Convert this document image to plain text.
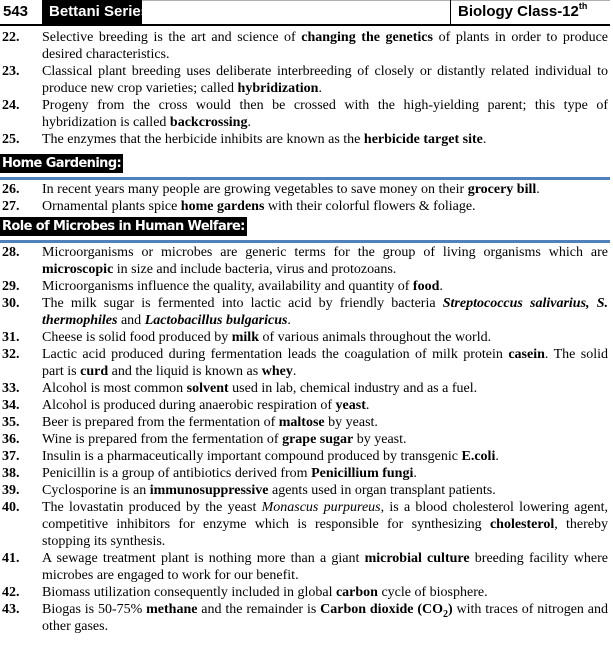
543	Bettani Series	Biology Class-12th
22.	Selective breeding is the art and science of changing the genetics of plants in order to produce desired characteristics.
23.	Classical plant breeding uses deliberate interbreeding of closely or distantly related individual to produce new crop varieties; called hybridization.
24.	Progeny from the cross would then be crossed with the high-yielding parent; this type of hybridization is called backcrossing.
25.	The enzymes that the herbicide inhibits are known as the herbicide target site.
Home Gardening:
26.	In recent years many people are growing vegetables to save money on their grocery bill.
27.	Ornamental plants spice home gardens with their colorful flowers & foliage.
Role of Microbes in Human Welfare:
28.	Microorganisms or microbes are generic terms for the group of living organisms which are microscopic in size and include bacteria, virus and protozoans.
29.	Microorganisms influence the quality, availability and quantity of food.
30.	The milk sugar is fermented into lactic acid by friendly bacteria Streptococcus salivarius, S. thermophiles and Lactobacillus bulgaricus.
31.	Cheese is solid food produced by milk of various animals throughout the world.
32.	Lactic acid produced during fermentation leads the coagulation of milk protein casein. The solid part is curd and the liquid is known as whey.
33.	Alcohol is most common solvent used in lab, chemical industry and as a fuel.
34.	Alcohol is produced during anaerobic respiration of yeast.
35.	Beer is prepared from the fermentation of maltose by yeast.
36.	Wine is prepared from the fermentation of grape sugar by yeast.
37.	Insulin is a pharmaceutically important compound produced by transgenic E.coli.
38.	Penicillin is a group of antibiotics derived from Penicillium fungi.
39.	Cyclosporine is an immunosuppressive agents used in organ transplant patients.
40.	The lovastatin produced by the yeast Monascus purpureus, is a blood cholesterol lowering agent, competitive inhibitors for enzyme which is responsible for synthesizing cholesterol, thereby stopping its synthesis.
41.	A sewage treatment plant is nothing more than a giant microbial culture breeding facility where microbes are engaged to work for our benefit.
42.	Biomass utilization consequently included in global carbon cycle of biosphere.
43.	Biogas is 50-75% methane and the remainder is Carbon dioxide $(CO_2)$ with traces of nitrogen and other gases.
